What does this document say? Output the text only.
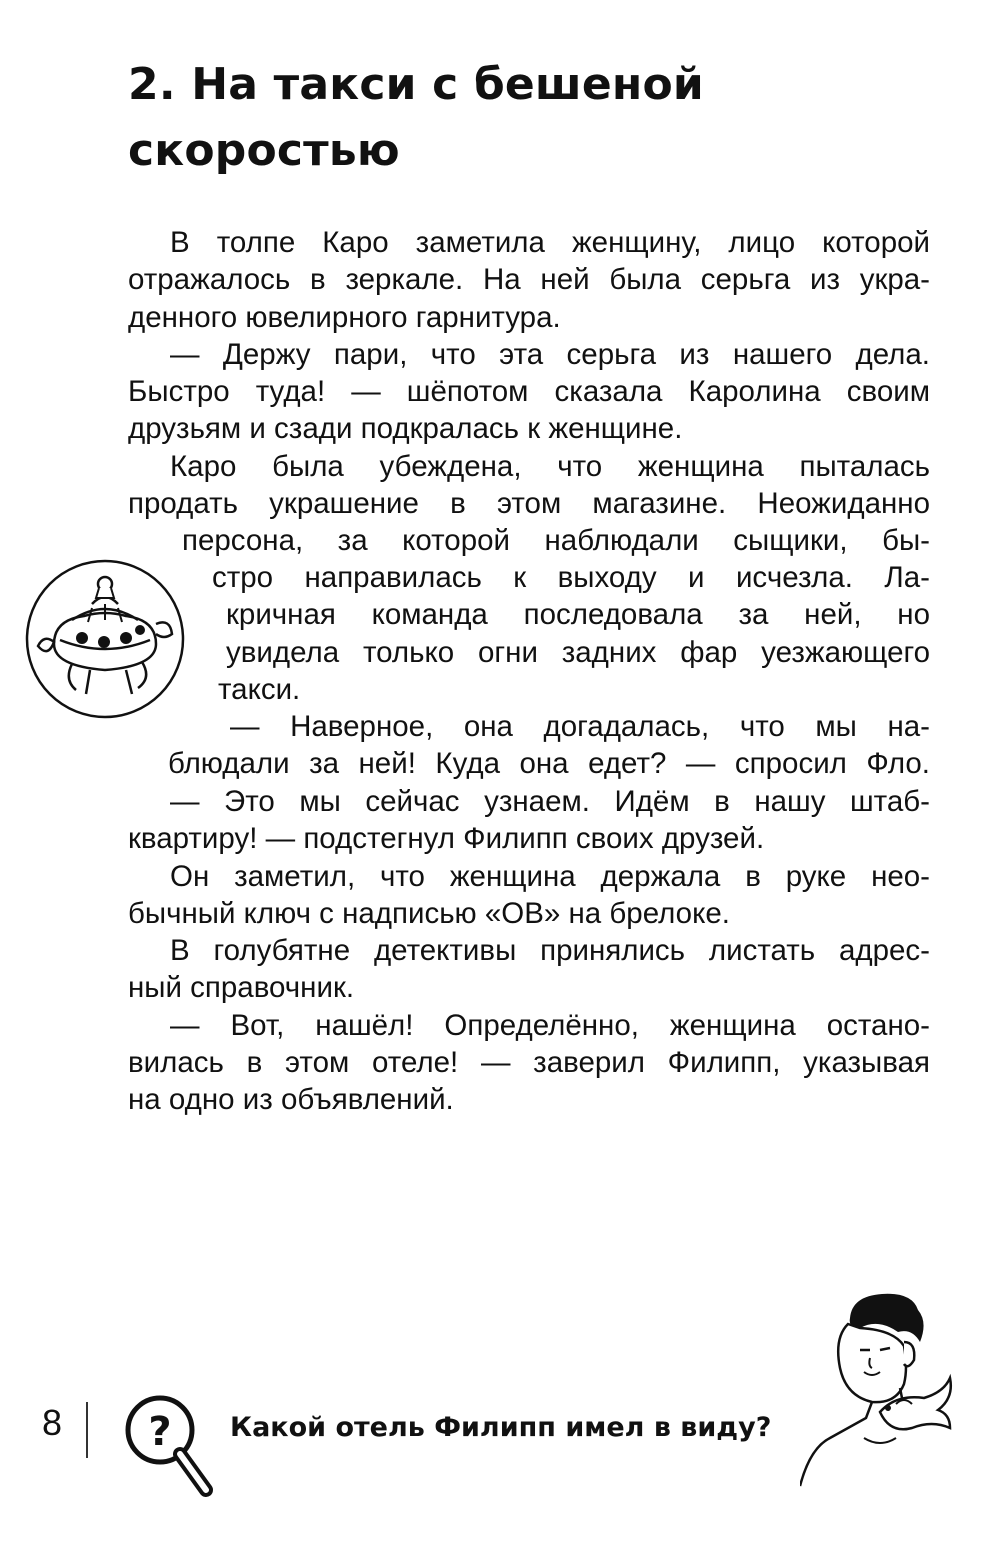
2. На такси с бешеной
скоростью
В толпе Каро заметила женщину, лицо которой
отражалось в зеркале. На ней была серьга из укра-
денного ювелирного гарнитура.
— Держу пари, что эта серьга из нашего дела.
Быстро туда! — шёпотом сказала Каролина своим
друзьям и сзади подкралась к женщине.
Каро была убеждена, что женщина пыталась
продать украшение в этом магазине. Неожиданно
персона, за которой наблюдали сыщики, бы-
стро направилась к выходу и исчезла. Ла-
кричная команда последовала за ней, но
увидела только огни задних фар уезжающего
такси.
— Наверное, она догадалась, что мы на-
блюдали за ней! Куда она едет? — спросил Фло.
— Это мы сейчас узнаем. Идём в нашу штаб-
квартиру! — подстегнул Филипп своих друзей.
Он заметил, что женщина держала в руке нео-
бычный ключ с надписью «ОВ» на брелоке.
В голубятне детективы принялись листать адрес-
ный справочник.
— Вот, нашёл! Определённо, женщина остано-
вилась в этом отеле! — заверил Филипп, указывая
на одно из объявлений.
8 ? Какой отель Филипп имел в виду?
